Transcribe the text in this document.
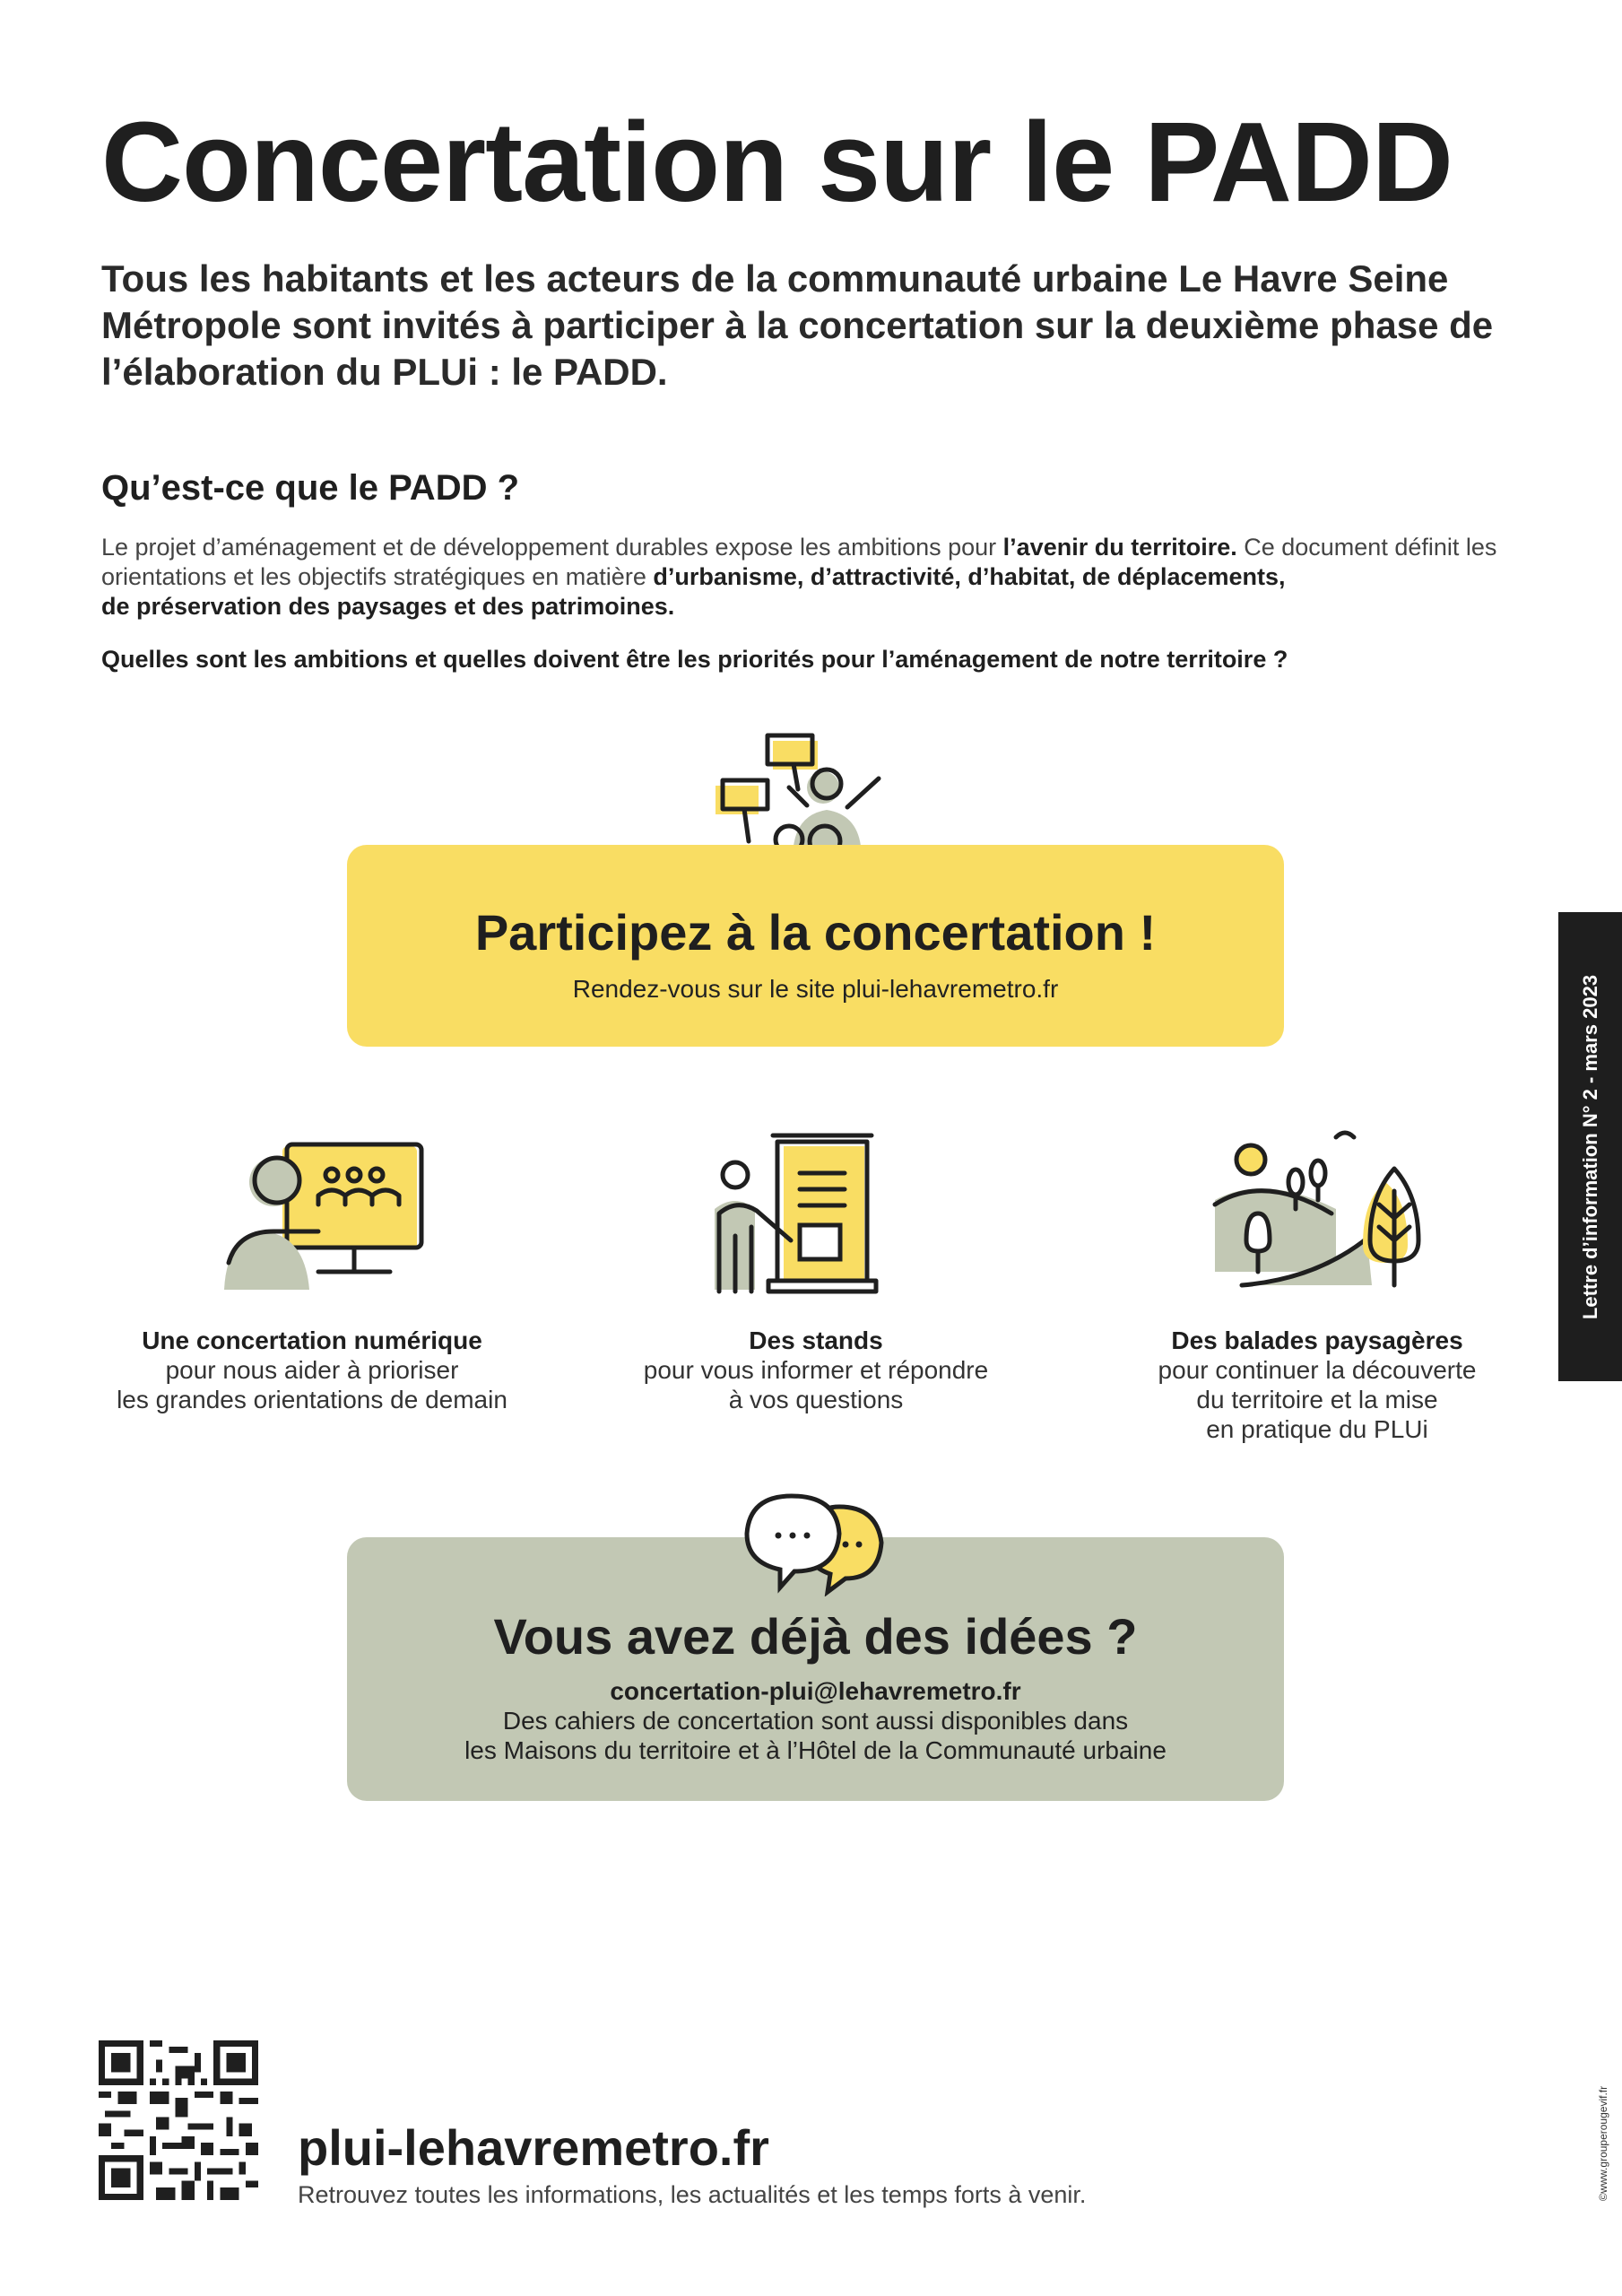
Concertation sur le PADD

Tous les habitants et les acteurs de la communauté urbaine Le Havre Seine Métropole sont invités à participer à la concertation sur la deuxième phase de l’élaboration du PLUi : le PADD.

Qu’est-ce que le PADD ?

Le projet d’aménagement et de développement durables expose les ambitions pour l’avenir du territoire. Ce document définit les orientations et les objectifs stratégiques en matière d’urbanisme, d’attractivité, d’habitat, de déplacements,
de préservation des paysages et des patrimoines.

Quelles sont les ambitions et quelles doivent être les priorités pour l’aménagement de notre territoire ?

Participez à la concertation !

Rendez-vous sur le site plui-lehavremetro.fr

Une concertation numérique
pour nous aider à prioriser
les grandes orientations de demain
Des stands
pour vous informer et répondre
à vos questions
Des balades paysagères
pour continuer la découverte
du territoire et la mise
en pratique du PLUi

Vous avez déjà des idées ?

concertation-plui@lehavremetro.fr

Des cahiers de concertation sont aussi disponibles dans

les Maisons du territoire et à l’Hôtel de la Communauté urbaine

Lettre d’information N° 2 - mars 2023
©www.grouperougevif.fr

plui-lehavremetro.fr

Retrouvez toutes les informations, les actualités et les temps forts à venir.
